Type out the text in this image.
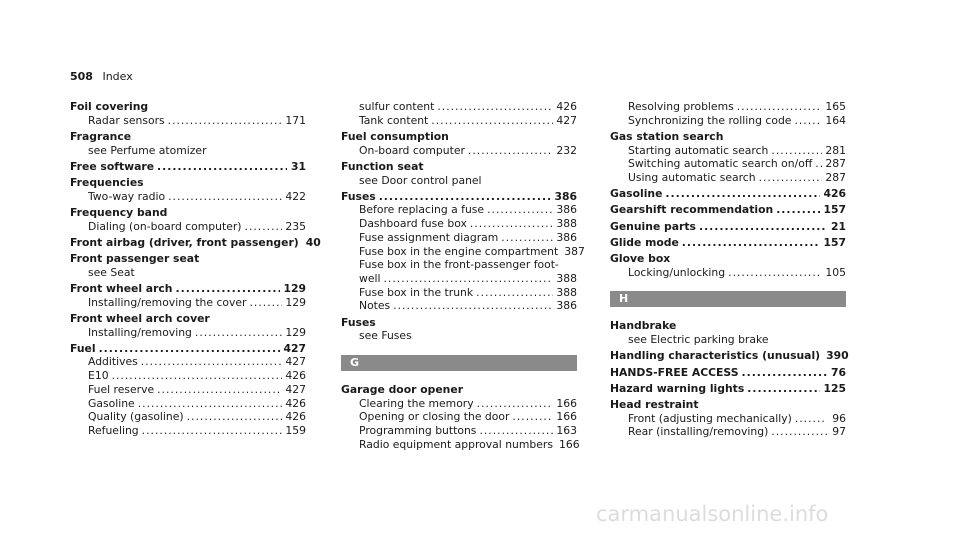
508 Index
Foil covering
Radar sensors .....	171
Fragrance
see Perfume atomizer
Free software .....	31
Frequencies
Two-way radio .....	422
Frequency band
Dialing (on-board computer) .....	235
Front airbag (driver, front passenger) 40
Front passenger seat
see Seat
Front wheel arch .....	129
Installing/removing the cover .....	129
Front wheel arch cover
Installing/removing .....	129
Fuel .....	427
Additives .....	427
E10 .....	426
Fuel reserve .....	427
Gasoline .....	426
Quality (gasoline) .....	426
Refueling .....	159
sulfur content .....	426
Tank content .....	427
Fuel consumption
On-board computer .....	232
Function seat
see Door control panel
Fuses .....	386
Before replacing a fuse .....	386
Dashboard fuse box .....	388
Fuse assignment diagram .....	386
Fuse box in the engine compartment 387
Fuse box in the front-passenger foot-
well .....	388
Fuse box in the trunk .....	388
Notes .....	386
Fuses
see Fuses
G
Garage door opener
Clearing the memory .....	166
Opening or closing the door .....	166
Programming buttons .....	163
Radio equipment approval numbers 166
Resolving problems .....	165
Synchronizing the rolling code .....	164
Gas station search
Starting automatic search .....	281
Switching automatic search on/off ..... 287
Using automatic search .....	287
Gasoline .....	426
Gearshift recommendation .....	157
Genuine parts .....	21
Glide mode .....	157
Glove box
Locking/unlocking .....	105
H
Handbrake
see Electric parking brake
Handling characteristics (unusual) 390
HANDS-FREE ACCESS .....	76
Hazard warning lights .....	125
Head restraint
Front (adjusting mechanically) .....	96
Rear (installing/removing) .....	97
carmanualsonline.info
